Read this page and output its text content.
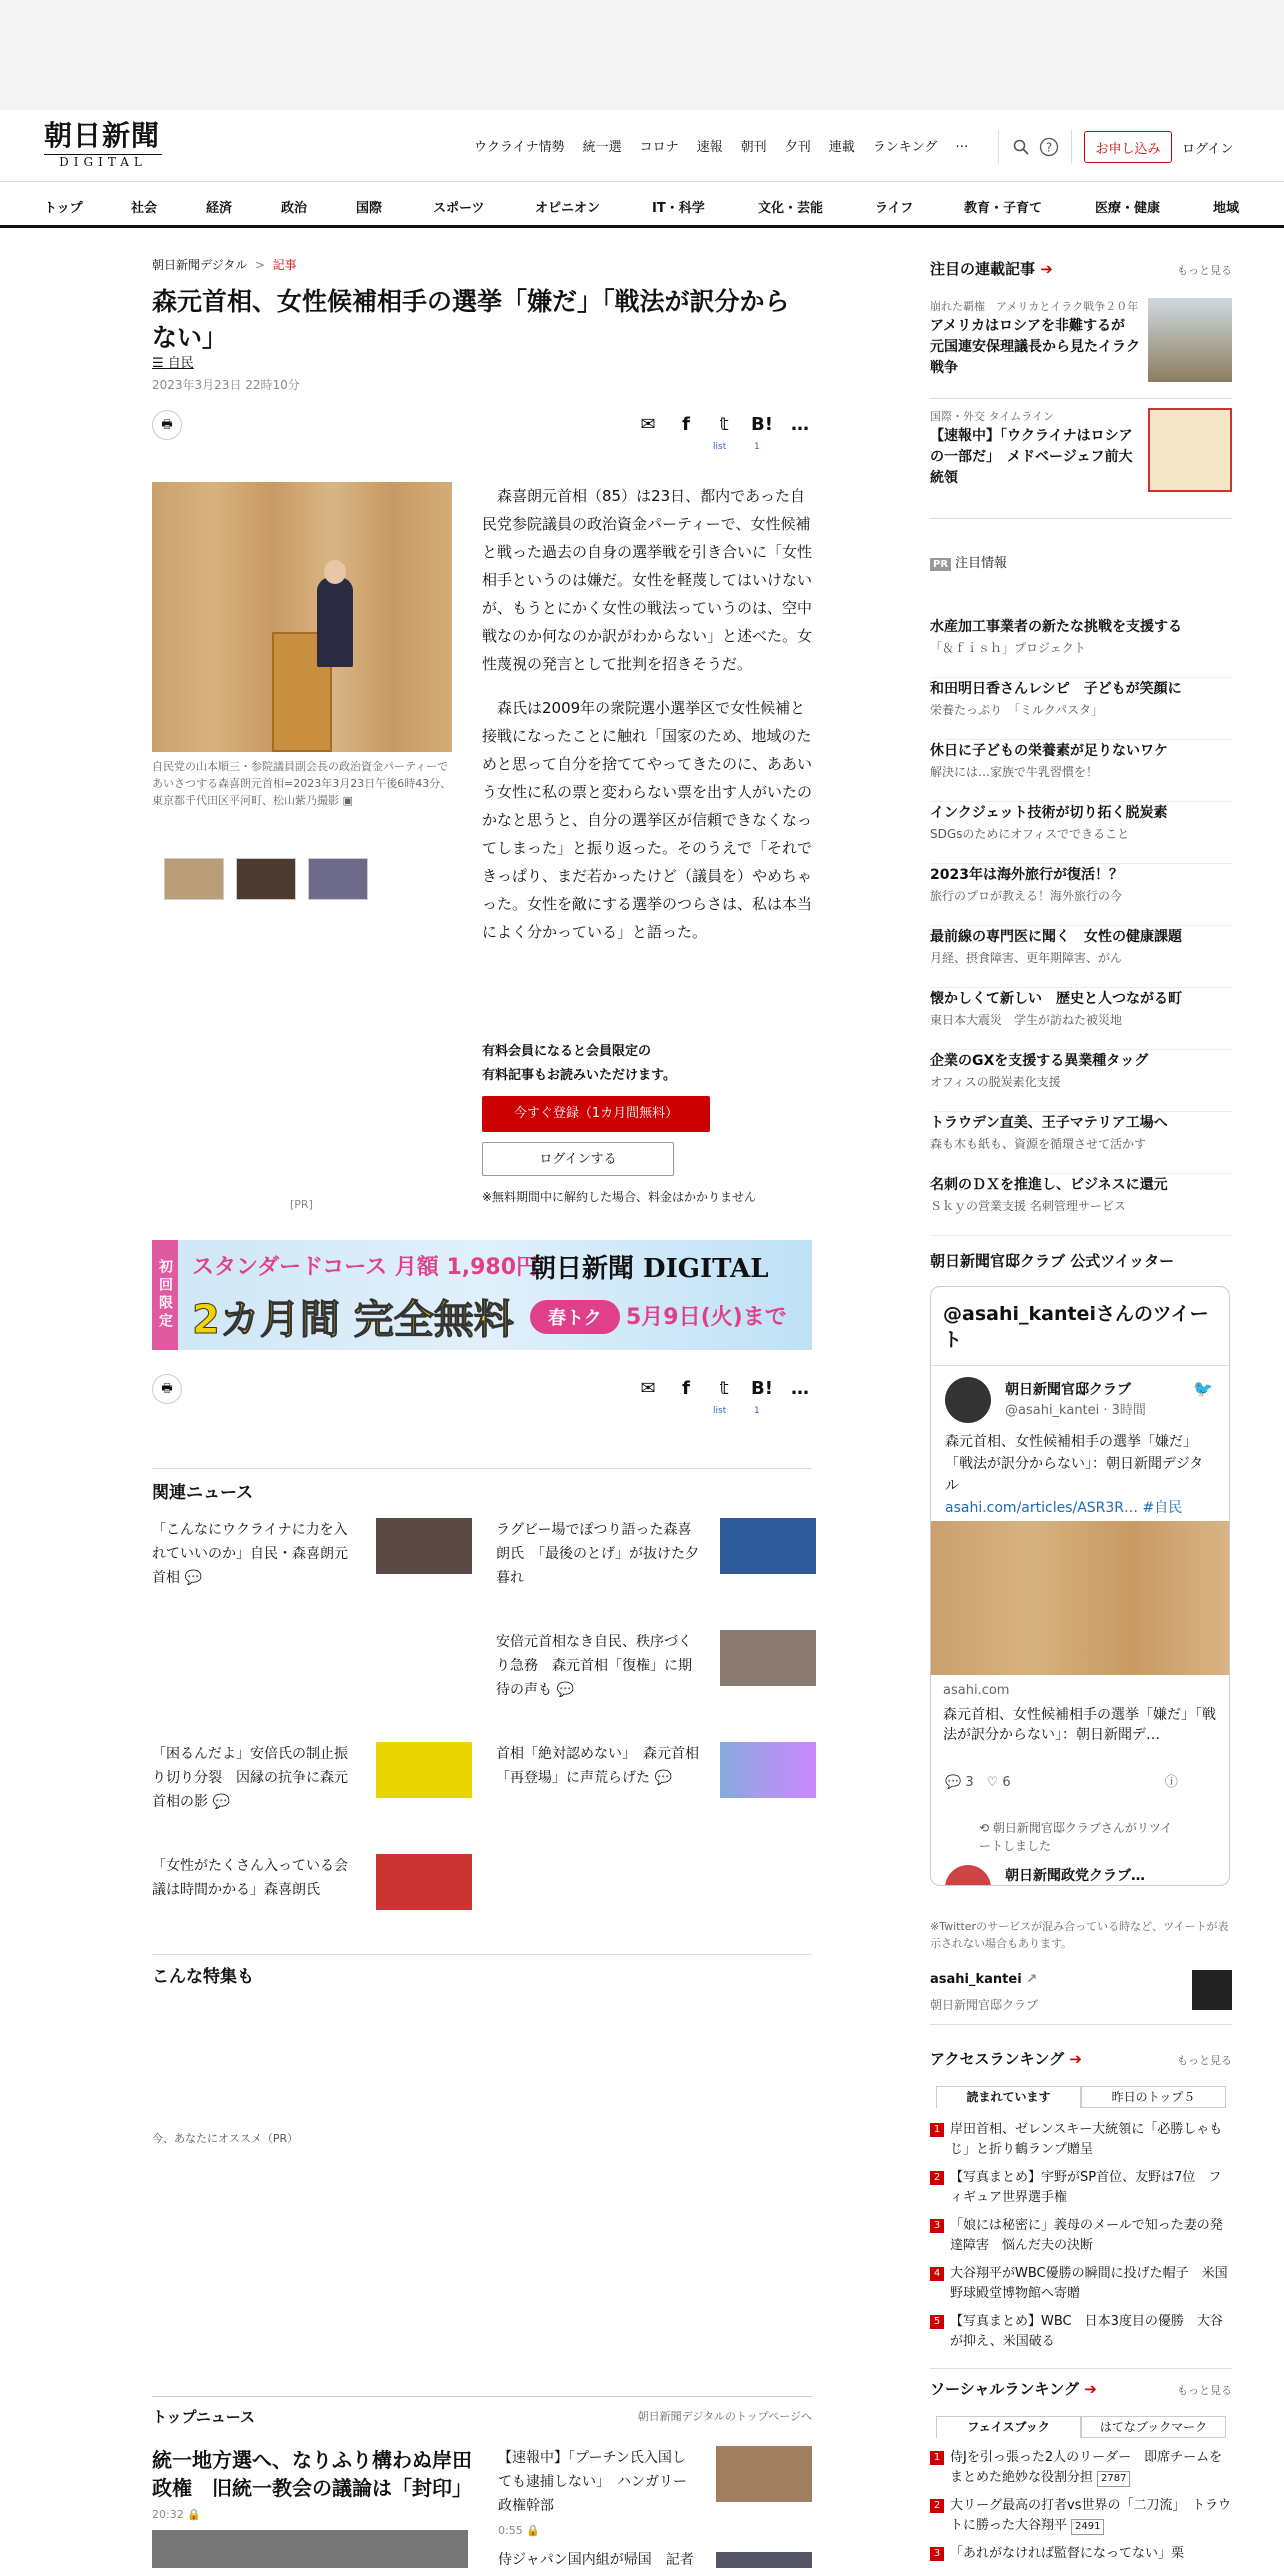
朝日新聞
DIGITAL
ウクライナ情勢 統一選 コロナ 速報 朝刊 夕刊 連載 ランキング …	?	お申し込み	ログイン
トップ	社会	経済	政治	国際	スポーツ	オピニオン	IT・科学	文化・芸能	ライフ	教育・子育て	医療・健康	地域
朝日新聞デジタル  >  記事
森元首相、女性候補相手の選挙「嫌だ」「戦法が訳分からない」
☰ 自民
2023年3月23日 22時10分
🖶	✉	f	𝕥	B! …
list	1
自民党の山本順三・参院議員副会長の政治資金パーティーであいさつする森喜朗元首相=2023年3月23日午後6時43分、東京都千代田区平河町、松山紫乃撮影 ▣

森喜朗元首相（85）は23日、都内であった自民党参院議員の政治資金パーティーで、女性候補と戦った過去の自身の選挙戦を引き合いに「女性相手というのは嫌だ。女性を軽蔑してはいけないが、もうとにかく女性の戦法っていうのは、空中戦なのか何なのか訳がわからない」と述べた。女性蔑視の発言として批判を招きそうだ。

森氏は2009年の衆院選小選挙区で女性候補と接戦になったことに触れ「国家のため、地域のためと思って自分を捨ててやってきたのに、ああいう女性に私の票と変わらない票を出す人がいたのかなと思うと、自分の選挙区が信頼できなくなってしまった」と振り返った。そのうえで「それできっぱり、まだ若かったけど（議員を）やめちゃった。女性を敵にする選挙のつらさは、私は本当によく分かっている」と語った。

有料会員になると会員限定の
有料記事もお読みいただけます。
今すぐ登録（1カ月間無料）
ログインする
※無料期間中に解約した場合、料金はかかりません
[PR]
初回限定 スタンダードコース 月額 1,980円
朝日新聞 DIGITAL
2カ月間 完全無料	春トク	5月9日(火)まで
🖶	✉	f	𝕥	B! …
list	1
関連ニュース
「こんなにウクライナに力を入れていいのか」自民・森喜朗元首相 💬
ラグビー場でぽつり語った森喜朗氏　「最後のとげ」が抜けた夕暮れ
安倍元首相なき自民、秩序づくり急務　森元首相「復権」に期待の声も 💬
「困るんだよ」安倍氏の制止振り切り分裂　因縁の抗争に森元首相の影 💬
首相「絶対認めない」　森元首相「再登場」に声荒らげた 💬
「女性がたくさん入っている会議は時間かかる」森喜朗氏
こんな特集も
今、あなたにオススメ（PR）
トップニュース	朝日新聞デジタルのトップページへ
統一地方選へ、なりふり構わぬ岸田政権　旧統一教会の議論は「封印」
20:32 🔒
【速報中】「プーチン氏入国しても逮捕しない」　ハンガリー政権幹部
0:55 🔒
侍ジャパン国内組が帰国　記者
注目の連載記事 ➔	もっと見る
崩れた覇権　アメリカとイラク戦争２０年
アメリカはロシアを非難するが　元国連安保理議長から見たイラク戦争
国際・外交 タイムライン
【速報中】「ウクライナはロシアの一部だ」　メドベージェフ前大統領
PR 注目情報
水産加工事業者の新たな挑戦を支援する
「＆ｆｉｓｈ」プロジェクト
和田明日香さんレシピ　子どもが笑顔に
栄養たっぷり　「ミルクパスタ」
休日に子どもの栄養素が足りないワケ
解決には…家族で牛乳習慣を！
インクジェット技術が切り拓く脱炭素
SDGsのためにオフィスでできること
2023年は海外旅行が復活！？
旅行のプロが教える！海外旅行の今
最前線の専門医に聞く　女性の健康課題
月経、摂食障害、更年期障害、がん
懐かしくて新しい　歴史と人つながる町
東日本大震災　学生が訪ねた被災地
企業のGXを支援する異業種タッグ
オフィスの脱炭素化支援
トラウデン直美、王子マテリア工場へ
森も木も紙も、資源を循環させて活かす
名刺のＤＸを推進し、ビジネスに還元
Ｓｋｙの営業支援 名刺管理サービス
朝日新聞官邸クラブ 公式ツイッター
@asahi_kanteiさんのツイート
朝日新聞官邸クラブ
@asahi_kantei · 3時間
🐦
森元首相、女性候補相手の選挙「嫌だ」「戦法が訳分からない」：朝日新聞デジタル
asahi.com/articles/ASR3R… #自民
asahi.com
森元首相、女性候補相手の選挙「嫌だ」「戦法が訳分からない」：朝日新聞デ…
💬 3　♡ 6	ⓘ
⟲ 朝日新聞官邸クラブさんがリツイートしました
朝日新聞政党クラブ…
※Twitterのサービスが混み合っている時など、ツイートが表示されない場合もあります。
asahi_kantei ↗
朝日新聞官邸クラブ
アクセスランキング ➔	もっと見る
読まれています	昨日のトップ５
1 岸田首相、ゼレンスキー大統領に「必勝しゃもじ」と折り鶴ランプ贈呈
2 【写真まとめ】宇野がSP首位、友野は7位　フィギュア世界選手権
3 「娘には秘密に」義母のメールで知った妻の発達障害　悩んだ夫の決断
4 大谷翔平がWBC優勝の瞬間に投げた帽子　米国野球殿堂博物館へ寄贈
5 【写真まとめ】WBC　日本3度目の優勝　大谷が抑え、米国破る
ソーシャルランキング ➔	もっと見る
フェイスブック	はてなブックマーク
1 侍Jを引っ張った2人のリーダー　即席チームをまとめた絶妙な役割分担 2787
2 大リーグ最高の打者vs世界の「二刀流」　トラウトに勝った大谷翔平 2491
3 「あれがなければ監督になってない」栗
